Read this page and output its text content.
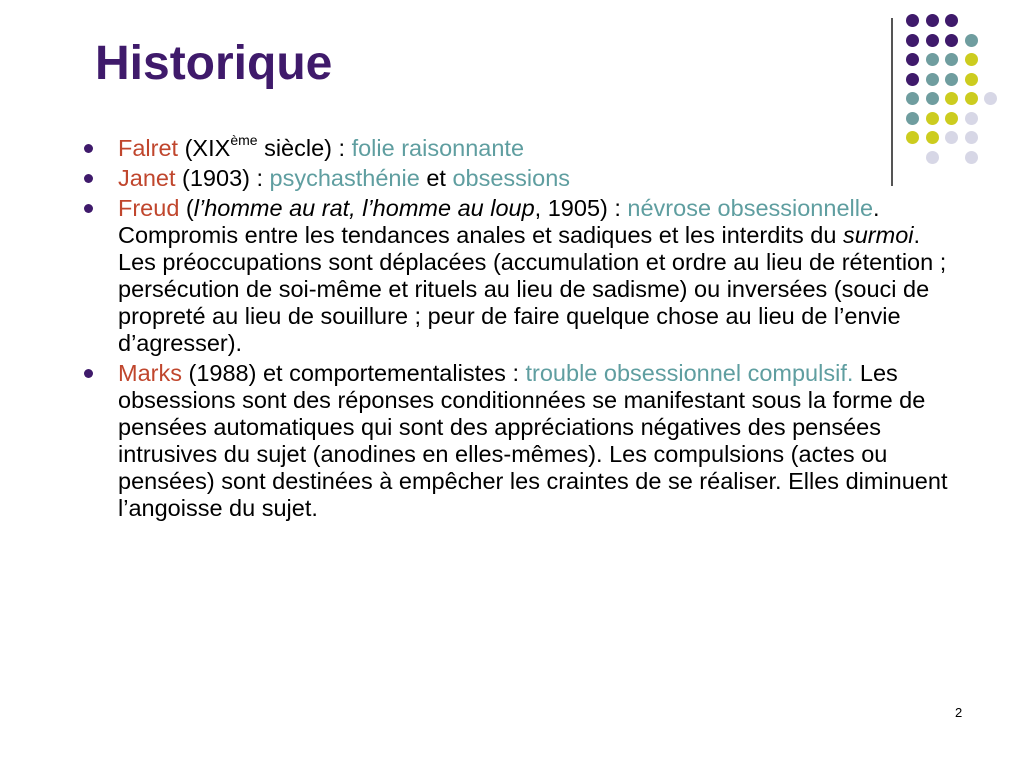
Historique
Falret (XIXème siècle) : folie raisonnante
Janet (1903) : psychasthénie et obsessions
Freud (l’homme au rat, l’homme au loup, 1905) : névrose obsessionnelle. Compromis entre les tendances anales et sadiques et les interdits du surmoi. Les préoccupations sont déplacées (accumulation et ordre au lieu de rétention ; persécution de soi-même et rituels au lieu de sadisme) ou inversées (souci de propreté au lieu de souillure ; peur de faire quelque chose au lieu de l’envie d’agresser).
Marks (1988) et comportementalistes : trouble obsessionnel compulsif. Les obsessions sont des réponses conditionnées se manifestant sous la forme de pensées automatiques qui sont des appréciations négatives des pensées intrusives du sujet (anodines en elles-mêmes). Les compulsions (actes ou pensées) sont destinées à empêcher les craintes de se réaliser. Elles diminuent l’angoisse du sujet.
2
